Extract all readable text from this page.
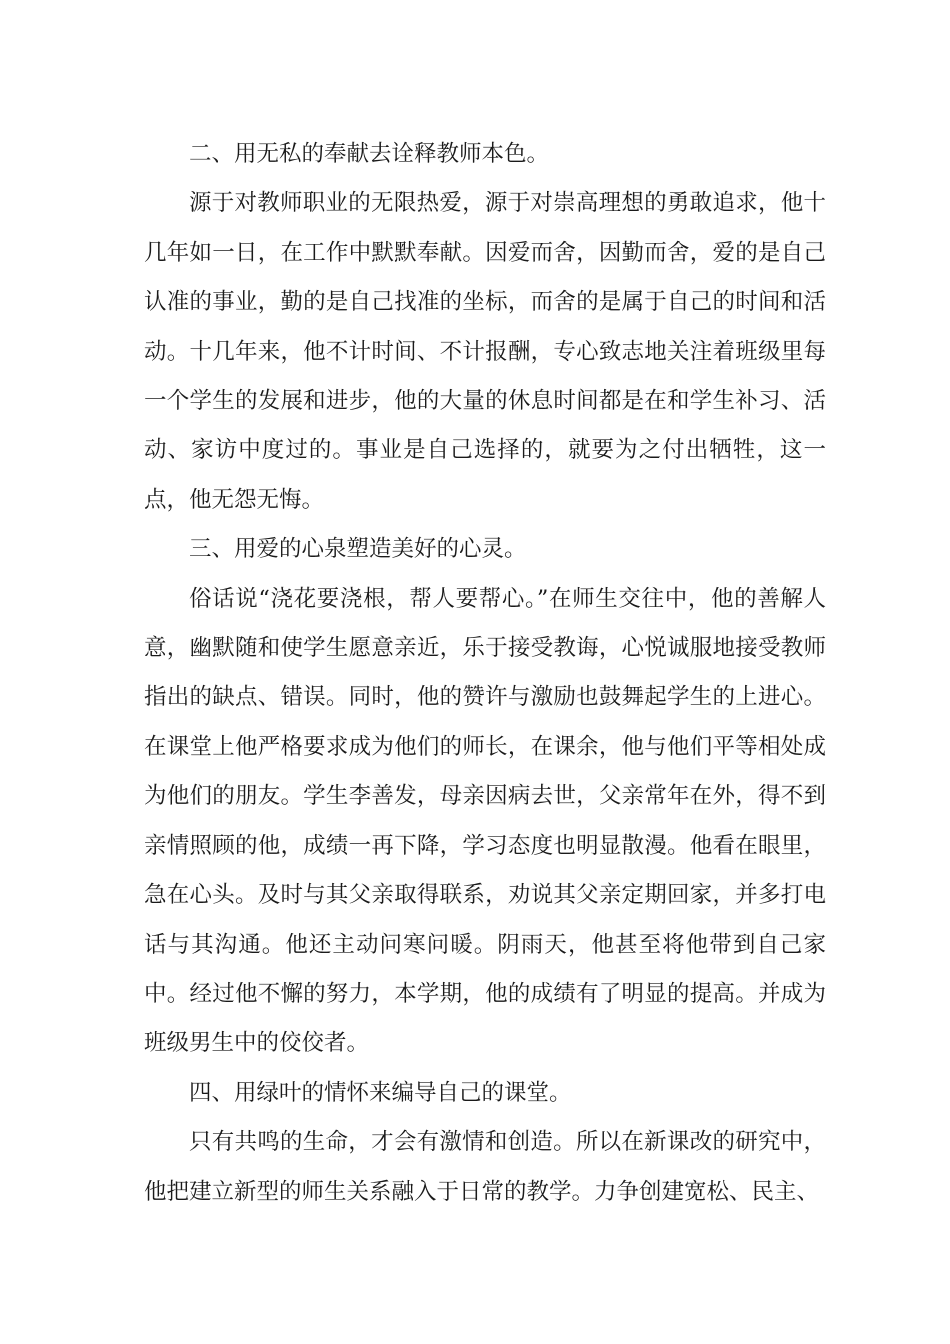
二、用无私的奉献去诠释教师本色。

源于对教师职业的无限热爱，源于对崇高理想的勇敢追求，他十几年如一日，在工作中默默奉献。因爱而舍，因勤而舍，爱的是自己认准的事业，勤的是自己找准的坐标，而舍的是属于自己的时间和活动。十几年来，他不计时间、不计报酬，专心致志地关注着班级里每一个学生的发展和进步，他的大量的休息时间都是在和学生补习、活动、家访中度过的。事业是自己选择的，就要为之付出牺牲，这一点，他无怨无悔。

三、用爱的心泉塑造美好的心灵。

俗话说“浇花要浇根，帮人要帮心。”在师生交往中，他的善解人意，幽默随和使学生愿意亲近，乐于接受教诲，心悦诚服地接受教师指出的缺点、错误。同时，他的赞许与激励也鼓舞起学生的上进心。在课堂上他严格要求成为他们的师长，在课余，他与他们平等相处成为他们的朋友。学生李善发，母亲因病去世，父亲常年在外，得不到亲情照顾的他，成绩一再下降，学习态度也明显散漫。他看在眼里，急在心头。及时与其父亲取得联系，劝说其父亲定期回家，并多打电话与其沟通。他还主动问寒问暖。阴雨天，他甚至将他带到自己家中。经过他不懈的努力，本学期，他的成绩有了明显的提高。并成为班级男生中的佼佼者。

四、用绿叶的情怀来编导自己的课堂。

只有共鸣的生命，才会有激情和创造。所以在新课改的研究中，他把建立新型的师生关系融入于日常的教学。力争创建宽松、民主、
